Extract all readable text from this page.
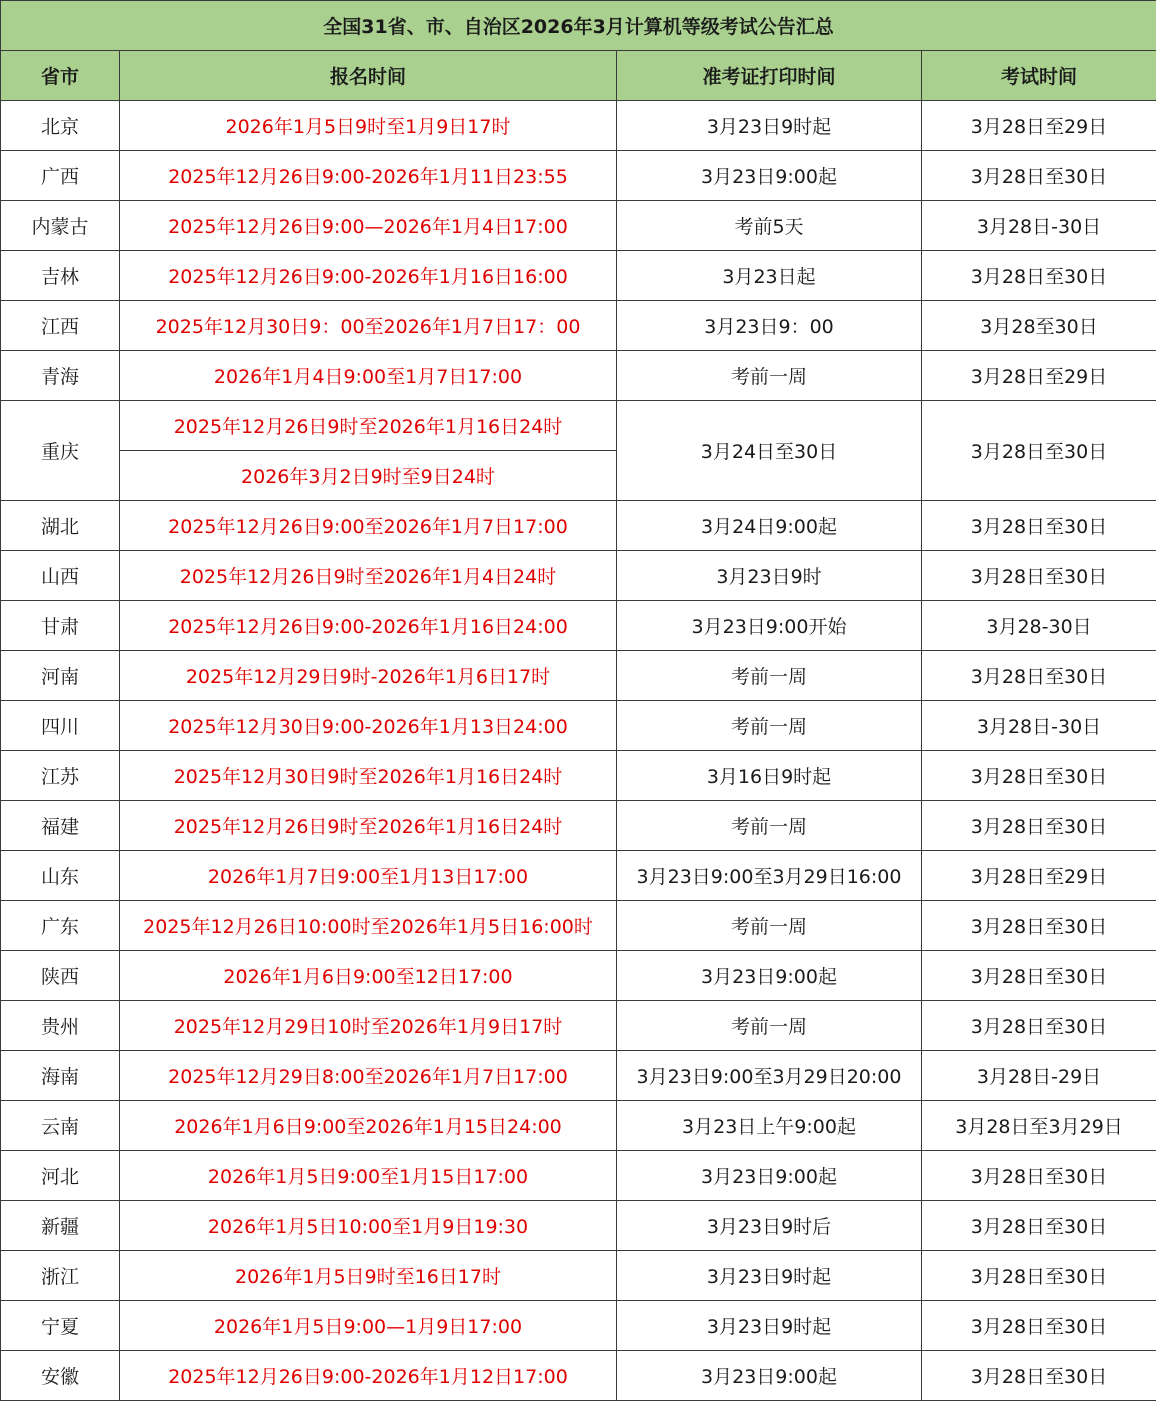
全国31省、市、自治区2026年3月计算机等级考试公告汇总			
省市	报名时间	准考证打印时间	考试时间
北京	2026年1月5日9时至1月9日17时	3月23日9时起	3月28日至29日
广西	2025年12月26日9:00-2026年1月11日23:55	3月23日9:00起	3月28日至30日
内蒙古	2025年12月26日9:00—2026年1月4日17:00	考前5天	3月28日-30日
吉林	2025年12月26日9:00-2026年1月16日16:00	3月23日起	3月28日至30日
江西	2025年12月30日9：00至2026年1月7日17：00	3月23日9：00	3月28至30日
青海	2026年1月4日9:00至1月7日17:00	考前一周	3月28日至29日
重庆	2025年12月26日9时至2026年1月16日24时	3月24日至30日	3月28日至30日
	2026年3月2日9时至9日24时		
湖北	2025年12月26日9:00至2026年1月7日17:00	3月24日9:00起	3月28日至30日
山西	2025年12月26日9时至2026年1月4日24时	3月23日9时	3月28日至30日
甘肃	2025年12月26日9:00-2026年1月16日24:00	3月23日9:00开始	3月28-30日
河南	2025年12月29日9时-2026年1月6日17时	考前一周	3月28日至30日
四川	2025年12月30日9:00-2026年1月13日24:00	考前一周	3月28日-30日
江苏	2025年12月30日9时至2026年1月16日24时	3月16日9时起	3月28日至30日
福建	2025年12月26日9时至2026年1月16日24时	考前一周	3月28日至30日
山东	2026年1月7日9:00至1月13日17:00	3月23日9:00至3月29日16:00	3月28日至29日
广东	2025年12月26日10:00时至2026年1月5日16:00时	考前一周	3月28日至30日
陕西	2026年1月6日9:00至12日17:00	3月23日9:00起	3月28日至30日
贵州	2025年12月29日10时至2026年1月9日17时	考前一周	3月28日至30日
海南	2025年12月29日8:00至2026年1月7日17:00	3月23日9:00至3月29日20:00	3月28日-29日
云南	2026年1月6日9:00至2026年1月15日24:00	3月23日上午9:00起	3月28日至3月29日
河北	2026年1月5日9:00至1月15日17:00	3月23日9:00起	3月28日至30日
新疆	2026年1月5日10:00至1月9日19:30	3月23日9时后	3月28日至30日
浙江	2026年1月5日9时至16日17时	3月23日9时起	3月28日至30日
宁夏	2026年1月5日9:00—1月9日17:00	3月23日9时起	3月28日至30日
安徽	2025年12月26日9:00-2026年1月12日17:00	3月23日9:00起	3月28日至30日
